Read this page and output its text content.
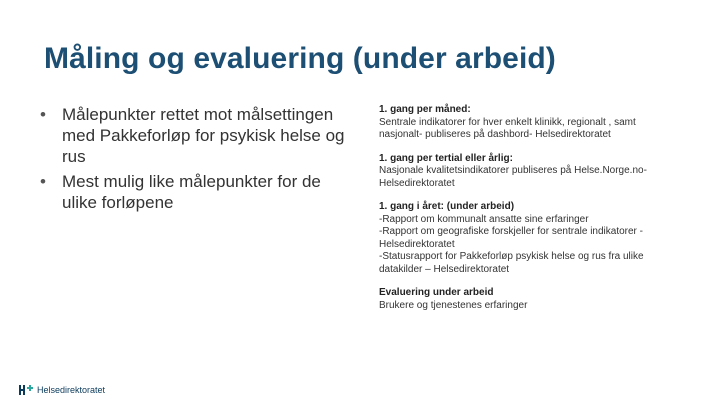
Måling og evaluering (under arbeid)
• Målepunkter rettet mot målsettingen med Pakkeforløp for psykisk helse og rus
• Mest mulig like målepunkter for de ulike forløpene
1. gang per måned:
Sentrale indikatorer for hver enkelt klinikk, regionalt , samt
nasjonalt- publiseres på dashbord- Helsedirektoratet
1. gang per tertial eller årlig:
Nasjonale kvalitetsindikatorer publiseres på Helse.Norge.no-
Helsedirektoratet
1. gang i året: (under arbeid)
-Rapport om kommunalt ansatte sine erfaringer
-Rapport om geografiske forskjeller for sentrale indikatorer -
Helsedirektoratet
-Statusrapport for Pakkeforløp psykisk helse og rus fra ulike
datakilder – Helsedirektoratet
Evaluering under arbeid
Brukere og tjenestenes erfaringer
Helsedirektoratet
